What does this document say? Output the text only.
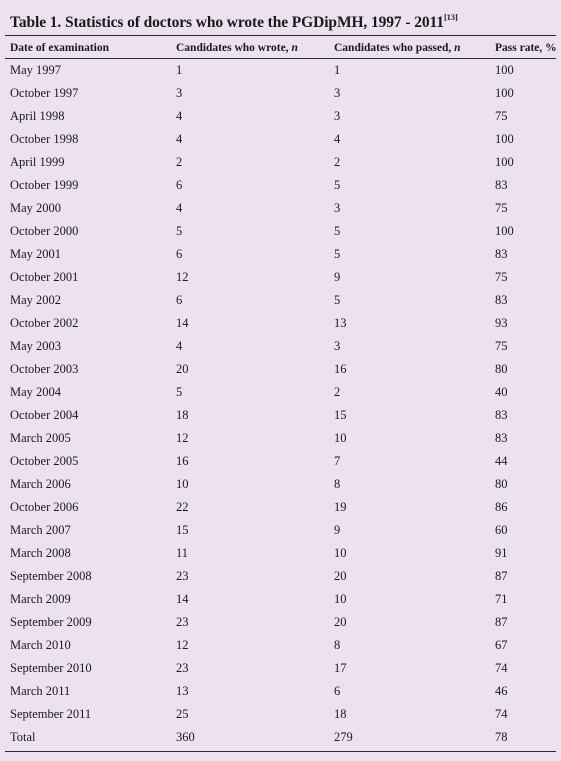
Table 1. Statistics of doctors who wrote the PGDipMH, 1997 - 2011[13]
Date of examination	Candidates who wrote, n	Candidates who passed, n	Pass rate, %
May 1997	1	1	100
October 1997	3	3	100
April 1998	4	3	75
October 1998	4	4	100
April 1999	2	2	100
October 1999	6	5	83
May 2000	4	3	75
October 2000	5	5	100
May 2001	6	5	83
October 2001	12	9	75
May 2002	6	5	83
October 2002	14	13	93
May 2003	4	3	75
October 2003	20	16	80
May 2004	5	2	40
October 2004	18	15	83
March 2005	12	10	83
October 2005	16	7	44
March 2006	10	8	80
October 2006	22	19	86
March 2007	15	9	60
March 2008	11	10	91
September 2008	23	20	87
March 2009	14	10	71
September 2009	23	20	87
March 2010	12	8	67
September 2010	23	17	74
March 2011	13	6	46
September 2011	25	18	74
Total	360	279	78
